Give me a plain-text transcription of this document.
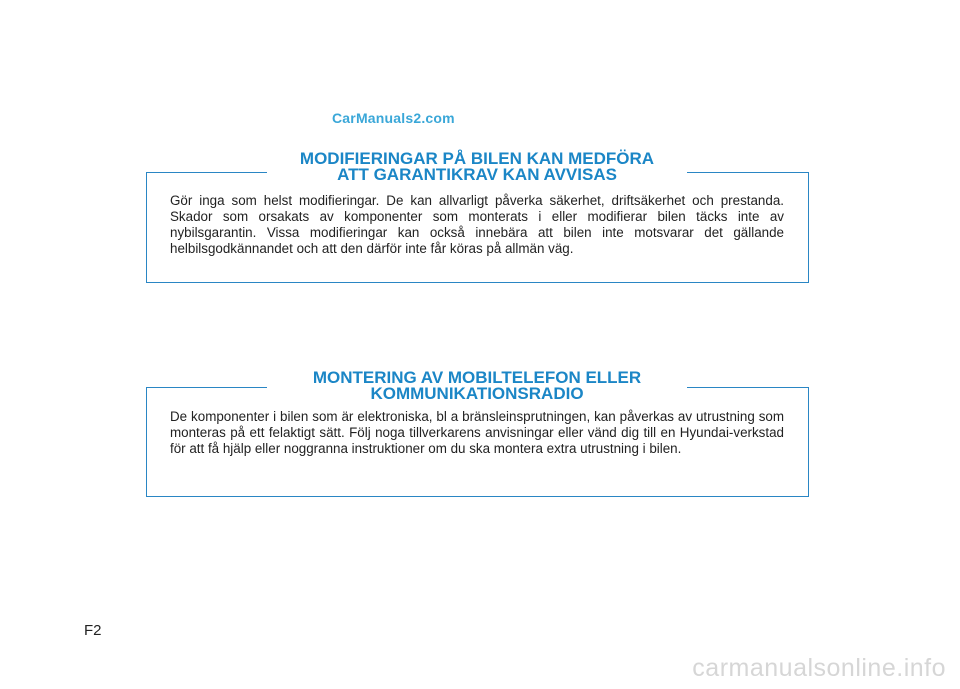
CarManuals2.com
MODIFIERINGAR PÅ BILEN KAN MEDFÖRA
ATT GARANTIKRAV KAN AVVISAS

Gör inga som helst modifieringar. De kan allvarligt påverka säkerhet, driftsäkerhet och prestanda. Skador som orsakats av komponenter som monterats i eller modifierar bilen täcks inte av nybilsgarantin. Vissa modifieringar kan också innebära att bilen inte motsvarar det gällande helbilsgodkännandet och att den därför inte får köras på allmän väg.

MONTERING AV MOBILTELEFON ELLER
KOMMUNIKATIONSRADIO

De komponenter i bilen som är elektroniska, bl a bränsleinsprutningen, kan påverkas av utrustning som monteras på ett felaktigt sätt. Följ noga tillverkarens anvisningar eller vänd dig till en Hyundai-verkstad för att få hjälp eller noggranna instruktioner om du ska montera extra utrustning i bilen.

F2
carmanualsonline.info
